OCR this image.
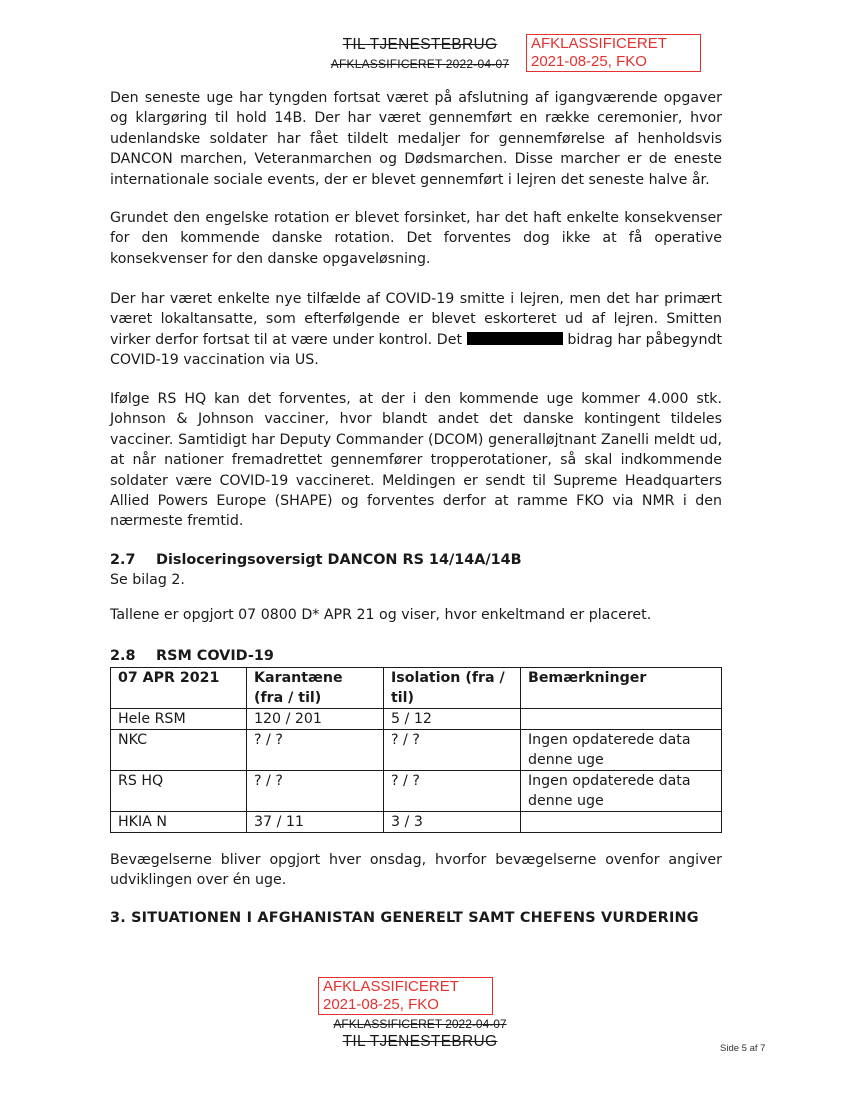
TIL TJENESTEBRUG
AFKLASSIFICERET 2022-04-07
AFKLASSIFICERET
2021-08-25, FKO

Den seneste uge har tyngden fortsat været på afslutning af igangværende opgaver og klargøring til hold 14B. Der har været gennemført en række ceremonier, hvor udenlandske soldater har fået tildelt medaljer for gennemførelse af henholdsvis DANCON marchen, Veteranmarchen og Dødsmarchen. Disse marcher er de eneste internationale sociale events, der er blevet gennemført i lejren det seneste halve år.

Grundet den engelske rotation er blevet forsinket, har det haft enkelte konsekvenser for den kommende danske rotation. Det forventes dog ikke at få operative konsekvenser for den danske opgaveløsning.

Der har været enkelte nye tilfælde af COVID-19 smitte i lejren, men det har primært været lokaltansatte, som efterfølgende er blevet eskorteret ud af lejren. Smitten virker derfor fortsat til at være under kontrol. Det	bidrag har påbegyndt COVID-19 vaccination via US.

Ifølge RS HQ kan det forventes, at der i den kommende uge kommer 4.000 stk. Johnson & Johnson vacciner, hvor blandt andet det danske kontingent tildeles vacciner. Samtidigt har Deputy Commander (DCOM) generalløjtnant Zanelli meldt ud, at når nationer fremadrettet gennemfører tropperotationer, så skal indkommende soldater være COVID-19 vaccineret. Meldingen er sendt til Supreme Headquarters Allied Powers Europe (SHAPE) og forventes derfor at ramme FKO via NMR i den nærmeste fremtid.

2.7 Disloceringsoversigt DANCON RS 14/14A/14B
Se bilag 2.
Tallene er opgjort 07 0800 D* APR 21 og viser, hvor enkeltmand er placeret.
2.8 RSM COVID-19
07 APR 2021	Karantæne (fra / til)	Isolation (fra / til)	Bemærkninger
Hele RSM	120 / 201	5 / 12	
NKC	? / ?	? / ?	Ingen opdaterede data denne uge
RS HQ	? / ?	? / ?	Ingen opdaterede data denne uge
HKIA N	37 / 11	3 / 3	

Bevægelserne bliver opgjort hver onsdag, hvorfor bevægelserne ovenfor angiver udviklingen over én uge.

3. SITUATIONEN I AFGHANISTAN GENERELT SAMT CHEFENS VURDERING
AFKLASSIFICERET
2021-08-25, FKO
AFKLASSIFICERET 2022-04-07
TIL TJENESTEBRUG	Side 5 af 7
